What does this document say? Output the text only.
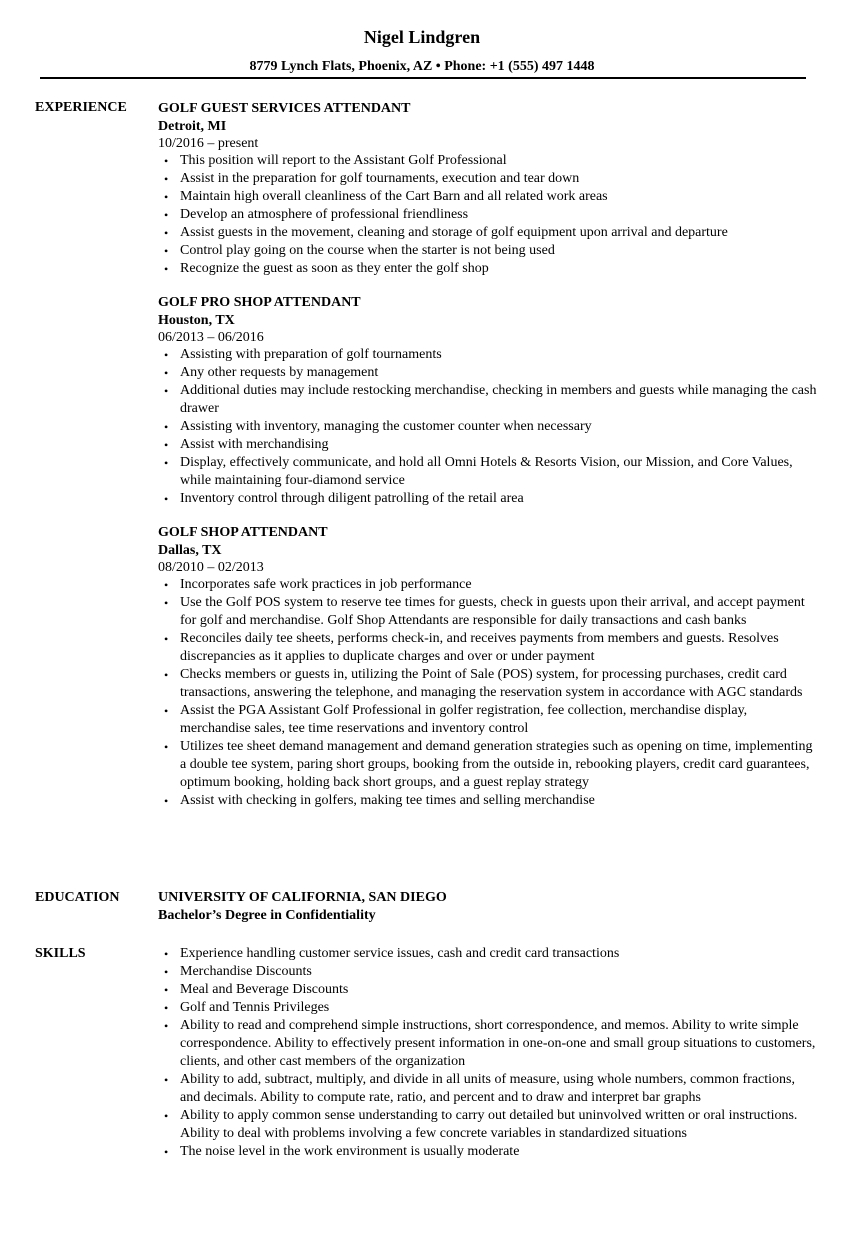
Nigel Lindgren
8779 Lynch Flats, Phoenix, AZ • Phone: +1 (555) 497 1448
EXPERIENCE GOLF GUEST SERVICES ATTENDANT
Detroit, MI
10/2016 – present
• This position will report to the Assistant Golf Professional
• Assist in the preparation for golf tournaments, execution and tear down
• Maintain high overall cleanliness of the Cart Barn and all related work areas
• Develop an atmosphere of professional friendliness
• Assist guests in the movement, cleaning and storage of golf equipment upon arrival and departure
• Control play going on the course when the starter is not being used
• Recognize the guest as soon as they enter the golf shop
GOLF PRO SHOP ATTENDANT
Houston, TX
06/2013 – 06/2016
• Assisting with preparation of golf tournaments
• Any other requests by management
• Additional duties may include restocking merchandise, checking in members and guests while managing the cash drawer
• Assisting with inventory, managing the customer counter when necessary
• Assist with merchandising
• Display, effectively communicate, and hold all Omni Hotels & Resorts Vision, our Mission, and Core Values, while maintaining four-diamond service
• Inventory control through diligent patrolling of the retail area
GOLF SHOP ATTENDANT
Dallas, TX
08/2010 – 02/2013
• Incorporates safe work practices in job performance
• Use the Golf POS system to reserve tee times for guests, check in guests upon their arrival, and accept payment for golf and merchandise. Golf Shop Attendants are responsible for daily transactions and cash banks
• Reconciles daily tee sheets, performs check-in, and receives payments from members and guests. Resolves discrepancies as it applies to duplicate charges and over or under payment
• Checks members or guests in, utilizing the Point of Sale (POS) system, for processing purchases, credit card transactions, answering the telephone, and managing the reservation system in accordance with AGC standards
• Assist the PGA Assistant Golf Professional in golfer registration, fee collection, merchandise display, merchandise sales, tee time reservations and inventory control
• Utilizes tee sheet demand management and demand generation strategies such as opening on time, implementing a double tee system, paring short groups, booking from the outside in, rebooking players, credit card guarantees, optimum booking, holding back short groups, and a guest replay strategy
• Assist with checking in golfers, making tee times and selling merchandise
EDUCATION	UNIVERSITY OF CALIFORNIA, SAN DIEGO
Bachelor’s Degree in Confidentiality
SKILLS	• Experience handling customer service issues, cash and credit card transactions
• Merchandise Discounts
• Meal and Beverage Discounts
• Golf and Tennis Privileges
• Ability to read and comprehend simple instructions, short correspondence, and memos. Ability to write simple correspondence. Ability to effectively present information in one-on-one and small group situations to customers, clients, and other cast members of the organization
• Ability to add, subtract, multiply, and divide in all units of measure, using whole numbers, common fractions, and decimals. Ability to compute rate, ratio, and percent and to draw and interpret bar graphs
• Ability to apply common sense understanding to carry out detailed but uninvolved written or oral instructions. Ability to deal with problems involving a few concrete variables in standardized situations
• The noise level in the work environment is usually moderate
